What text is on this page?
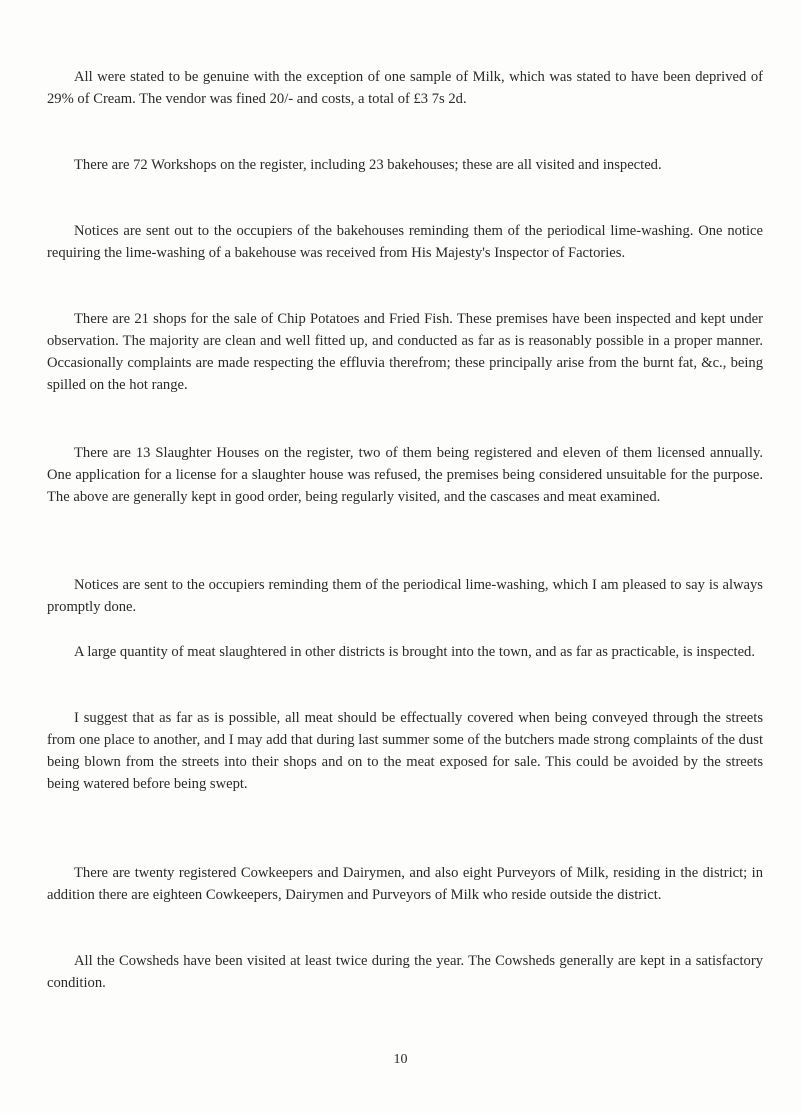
All were stated to be genuine with the exception of one sample of Milk, which was stated to have been deprived of 29% of Cream. The vendor was fined 20/- and costs, a total of £3 7s 2d.

There are 72 Workshops on the register, including 23 bakehouses; these are all visited and inspected.

Notices are sent out to the occupiers of the bakehouses reminding them of the periodical lime-washing. One notice requiring the lime-washing of a bakehouse was received from His Majesty's Inspector of Factories.

There are 21 shops for the sale of Chip Potatoes and Fried Fish. These premises have been inspected and kept under observation. The majority are clean and well fitted up, and conducted as far as is reasonably possible in a proper manner. Occasionally complaints are made respecting the effluvia therefrom; these principally arise from the burnt fat, &c., being spilled on the hot range.

There are 13 Slaughter Houses on the register, two of them being registered and eleven of them licensed annually. One application for a license for a slaughter house was refused, the premises being considered unsuitable for the purpose. The above are generally kept in good order, being regularly visited, and the cascases and meat examined.

Notices are sent to the occupiers reminding them of the periodical lime-washing, which I am pleased to say is always promptly done.

A large quantity of meat slaughtered in other districts is brought into the town, and as far as practicable, is inspected.

I suggest that as far as is possible, all meat should be effectually covered when being conveyed through the streets from one place to another, and I may add that during last summer some of the butchers made strong complaints of the dust being blown from the streets into their shops and on to the meat exposed for sale. This could be avoided by the streets being watered before being swept.

There are twenty registered Cowkeepers and Dairymen, and also eight Purveyors of Milk, residing in the district; in addition there are eighteen Cowkeepers, Dairymen and Purveyors of Milk who reside outside the district.

All the Cowsheds have been visited at least twice during the year. The Cowsheds generally are kept in a satisfactory condition.

10
